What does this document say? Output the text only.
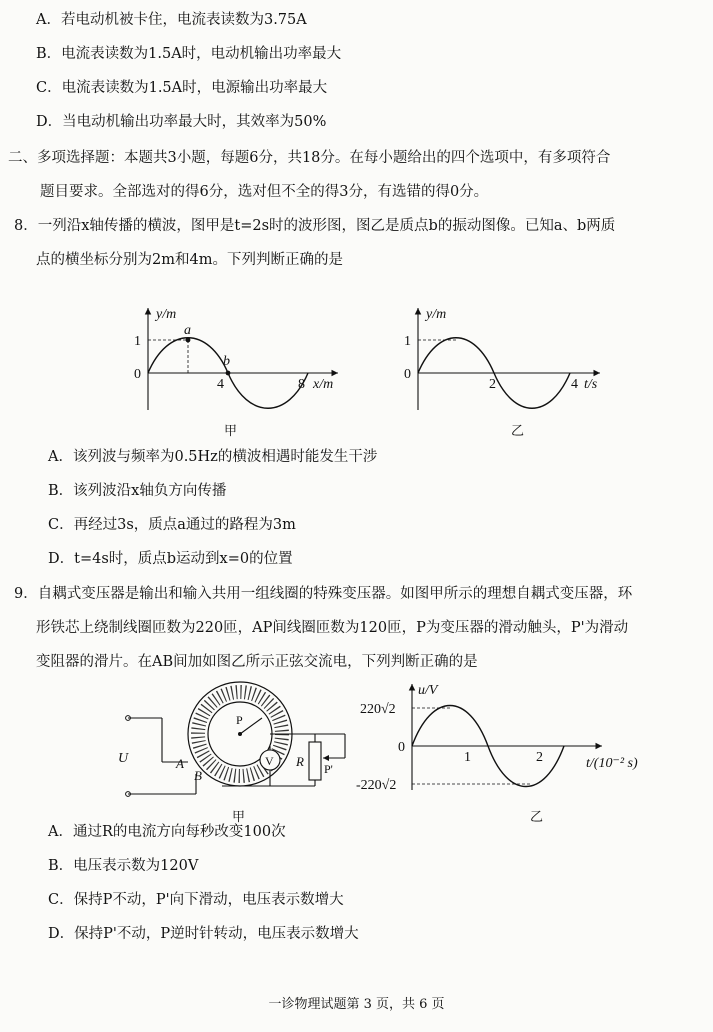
A．若电动机被卡住，电流表读数为3.75A
B．电流表读数为1.5A时，电动机输出功率最大
C．电流表读数为1.5A时，电源输出功率最大
D．当电动机输出功率最大时，其效率为50%
二、多项选择题：本题共3小题，每题6分，共18分。在每小题给出的四个选项中，有多项符合
题目要求。全部选对的得6分，选对但不全的得3分，有选错的得0分。
8．一列沿x轴传播的横波，图甲是t=2s时的波形图，图乙是质点b的振动图像。已知a、b两质
点的横坐标分别为2m和4m。下列判断正确的是
y/m
1
0
a
b
4	8 x/m
甲
y/m
1
0
2	4 t/s
乙
A．该列波与频率为0.5Hz的横波相遇时能发生干涉
B．该列波沿x轴负方向传播
C．再经过3s，质点a通过的路程为3m
D．t=4s时，质点b运动到x=0的位置
9．自耦式变压器是输出和输入共用一组线圈的特殊变压器。如图甲所示的理想自耦式变压器，环
形铁芯上绕制线圈匝数为220匝，AP间线圈匝数为120匝，P为变压器的滑动触头，P'为滑动
变阻器的滑片。在AB间加如图乙所示正弦交流电，下列判断正确的是
P
U	A
B
V R P'
甲
u/V
220√2
0
-220√2
1	2	t/(10⁻² s)
乙
A．通过R的电流方向每秒改变100次
B．电压表示数为120V
C．保持P不动，P'向下滑动，电压表示数增大
D．保持P'不动，P逆时针转动，电压表示数增大
一诊物理试题第 3 页，共 6 页
